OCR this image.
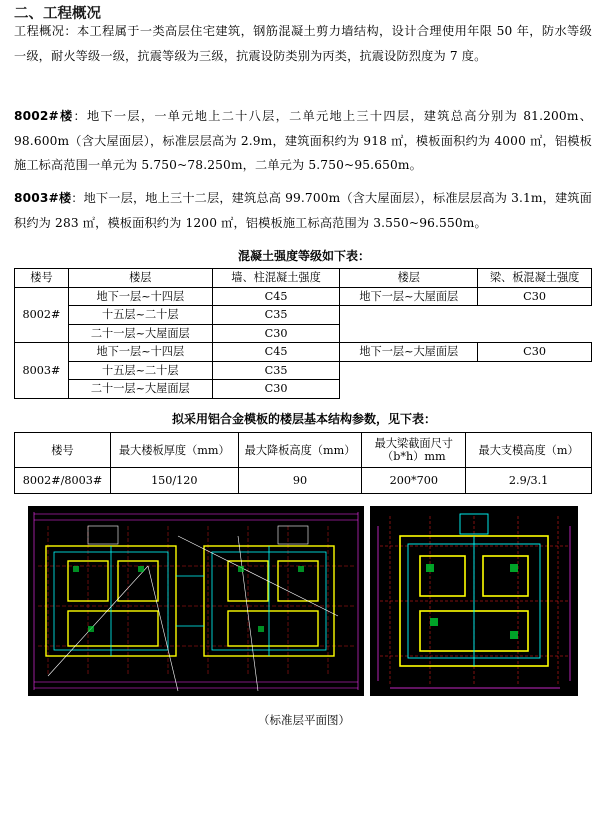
二、工程概况
工程概况：本工程属于一类高层住宅建筑，钢筋混凝土剪力墙结构，设计合理使用年限 50 年，防水等级一级，耐火等级一级，抗震等级为三级，抗震设防类别为丙类，抗震设防烈度为 7 度。
8002#楼：地下一层，一单元地上二十八层，二单元地上三十四层，建筑总高分别为 81.200m、98.600m（含大屋面层），标准层层高为 2.9m，建筑面积约为 918 ㎡，模板面积约为 4000 ㎡，铝模板施工标高范围一单元为 5.750~78.250m，二单元为 5.750~95.650m。
8003#楼：地下一层，地上三十二层，建筑总高 99.700m（含大屋面层），标准层层高为 3.1m，建筑面积约为 283 ㎡，模板面积约为 1200 ㎡，铝模板施工标高范围为 3.550~96.550m。
混凝土强度等级如下表：
楼号	楼层	墙、柱混凝土强度	楼层	梁、板混凝土强度
8002#	地下一层~十四层	C45	地下一层~大屋面层	C30
	十五层~二十层	C35		
	二十一层~大屋面层	C30		
8003#	地下一层~十四层	C45	地下一层~大屋面层	C30
	十五层~二十层	C35		
	二十一层~大屋面层	C30		
拟采用铝合金模板的楼层基本结构参数，见下表：
楼号	最大楼板厚度（mm）	最大降板高度（mm）	最大梁截面尺寸（b*h）mm	最大支模高度（m）
8002#/8003#	150/120	90	200*700	2.9/3.1
（标准层平面图）
